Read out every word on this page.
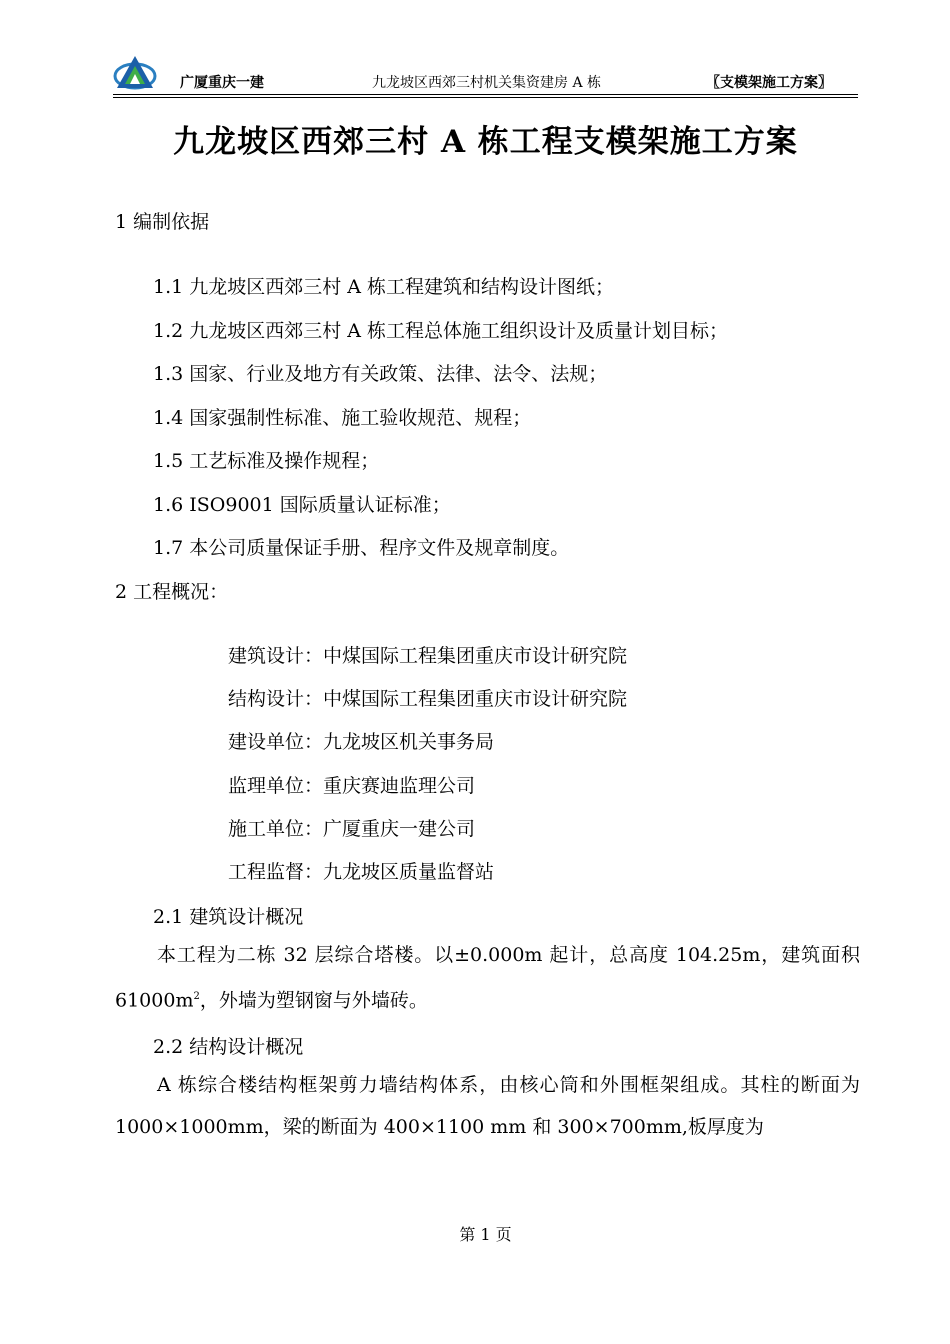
广厦重庆一建	九龙坡区西郊三村机关集资建房 A 栋	〖支模架施工方案〗
九龙坡区西郊三村 A 栋工程支模架施工方案
1 编制依据
1.1 九龙坡区西郊三村 A 栋工程建筑和结构设计图纸；
1.2 九龙坡区西郊三村 A 栋工程总体施工组织设计及质量计划目标；
1.3 国家、行业及地方有关政策、法律、法令、法规；
1.4 国家强制性标准、施工验收规范、规程；
1.5 工艺标准及操作规程；
1.6 ISO9001 国际质量认证标准；
1.7 本公司质量保证手册、程序文件及规章制度。
2 工程概况：
建筑设计：中煤国际工程集团重庆市设计研究院
结构设计：中煤国际工程集团重庆市设计研究院
建设单位：九龙坡区机关事务局
监理单位：重庆赛迪监理公司
施工单位：广厦重庆一建公司
工程监督：九龙坡区质量监督站
2.1 建筑设计概况
本工程为二栋 32 层综合塔楼。以±0.000m 起计，总高度 104.25m，建筑面积 $61000m^2$，外墙为塑钢窗与外墙砖。
2.2 结构设计概况
A 栋综合楼结构框架剪力墙结构体系，由核心筒和外围框架组成。其柱的断面为 1000×1000mm，梁的断面为 400×1100 mm 和 300×700mm,板厚度为
第 1 页
